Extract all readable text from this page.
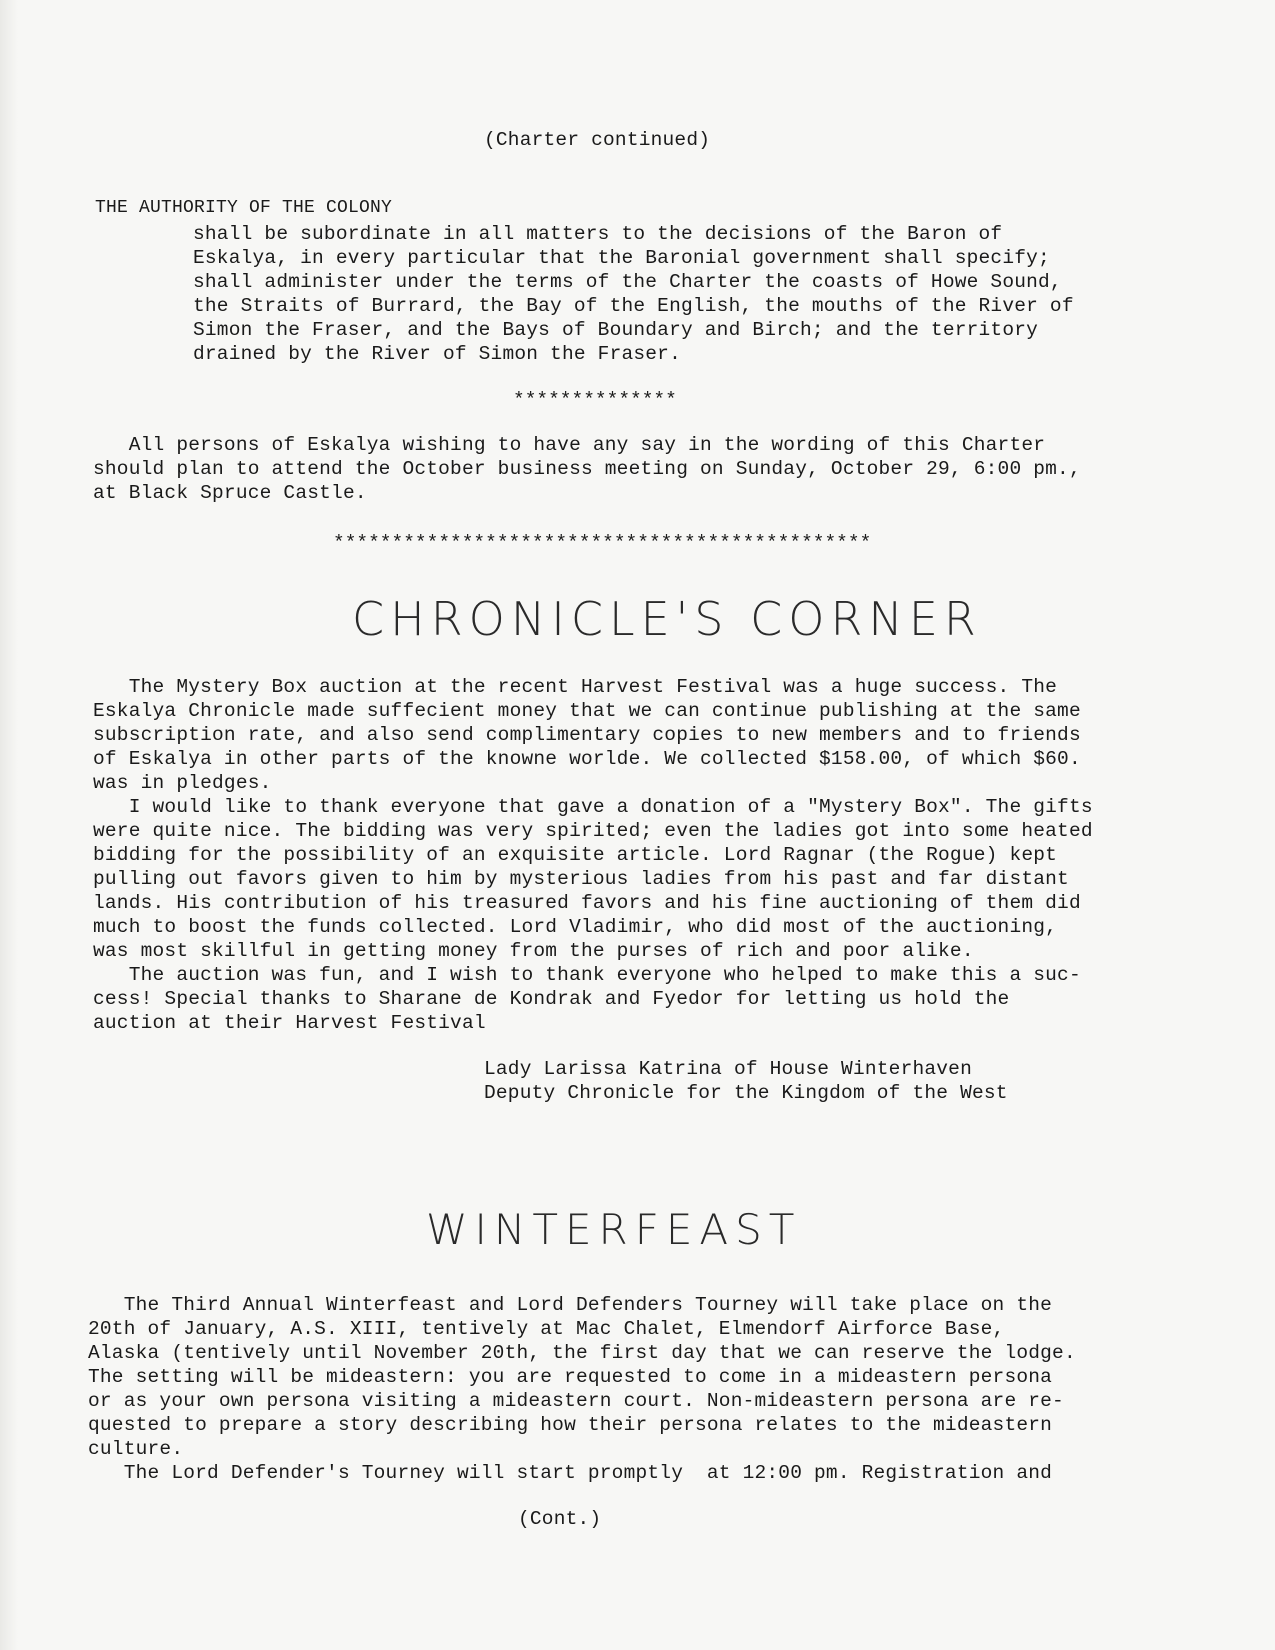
(Charter continued)
THE AUTHORITY OF THE COLONY
shall be subordinate in all matters to the decisions of the Baron of
Eskalya, in every particular that the Baronial government shall specify;
shall administer under the terms of the Charter the coasts of Howe Sound,
the Straits of Burrard, the Bay of the English, the mouths of the River of
Simon the Fraser, and the Bays of Boundary and Birch; and the territory
drained by the River of Simon the Fraser.
**************
All persons of Eskalya wishing to have any say in the wording of this Charter
should plan to attend the October business meeting on Sunday, October 29, 6:00 pm.,
at Black Spruce Castle.
**********************************************
CHRONICLE'S CORNER
The Mystery Box auction at the recent Harvest Festival was a huge success. The
Eskalya Chronicle made suffecient money that we can continue publishing at the same
subscription rate, and also send complimentary copies to new members and to friends
of Eskalya in other parts of the knowne worlde. We collected $158.00, of which $60.
was in pledges.
I would like to thank everyone that gave a donation of a "Mystery Box". The gifts
were quite nice. The bidding was very spirited; even the ladies got into some heated
bidding for the possibility of an exquisite article. Lord Ragnar (the Rogue) kept
pulling out favors given to him by mysterious ladies from his past and far distant
lands. His contribution of his treasured favors and his fine auctioning of them did
much to boost the funds collected. Lord Vladimir, who did most of the auctioning,
was most skillful in getting money from the purses of rich and poor alike.
The auction was fun, and I wish to thank everyone who helped to make this a suc-
cess! Special thanks to Sharane de Kondrak and Fyedor for letting us hold the
auction at their Harvest Festival
Lady Larissa Katrina of House Winterhaven
Deputy Chronicle for the Kingdom of the West
WINTERFEAST
The Third Annual Winterfeast and Lord Defenders Tourney will take place on the
20th of January, A.S. XIII, tentively at Mac Chalet, Elmendorf Airforce Base,
Alaska (tentively until November 20th, the first day that we can reserve the lodge.
The setting will be mideastern: you are requested to come in a mideastern persona
or as your own persona visiting a mideastern court. Non-mideastern persona are re-
quested to prepare a story describing how their persona relates to the mideastern
culture.
The Lord Defender's Tourney will start promptly  at 12:00 pm. Registration and
(Cont.)
